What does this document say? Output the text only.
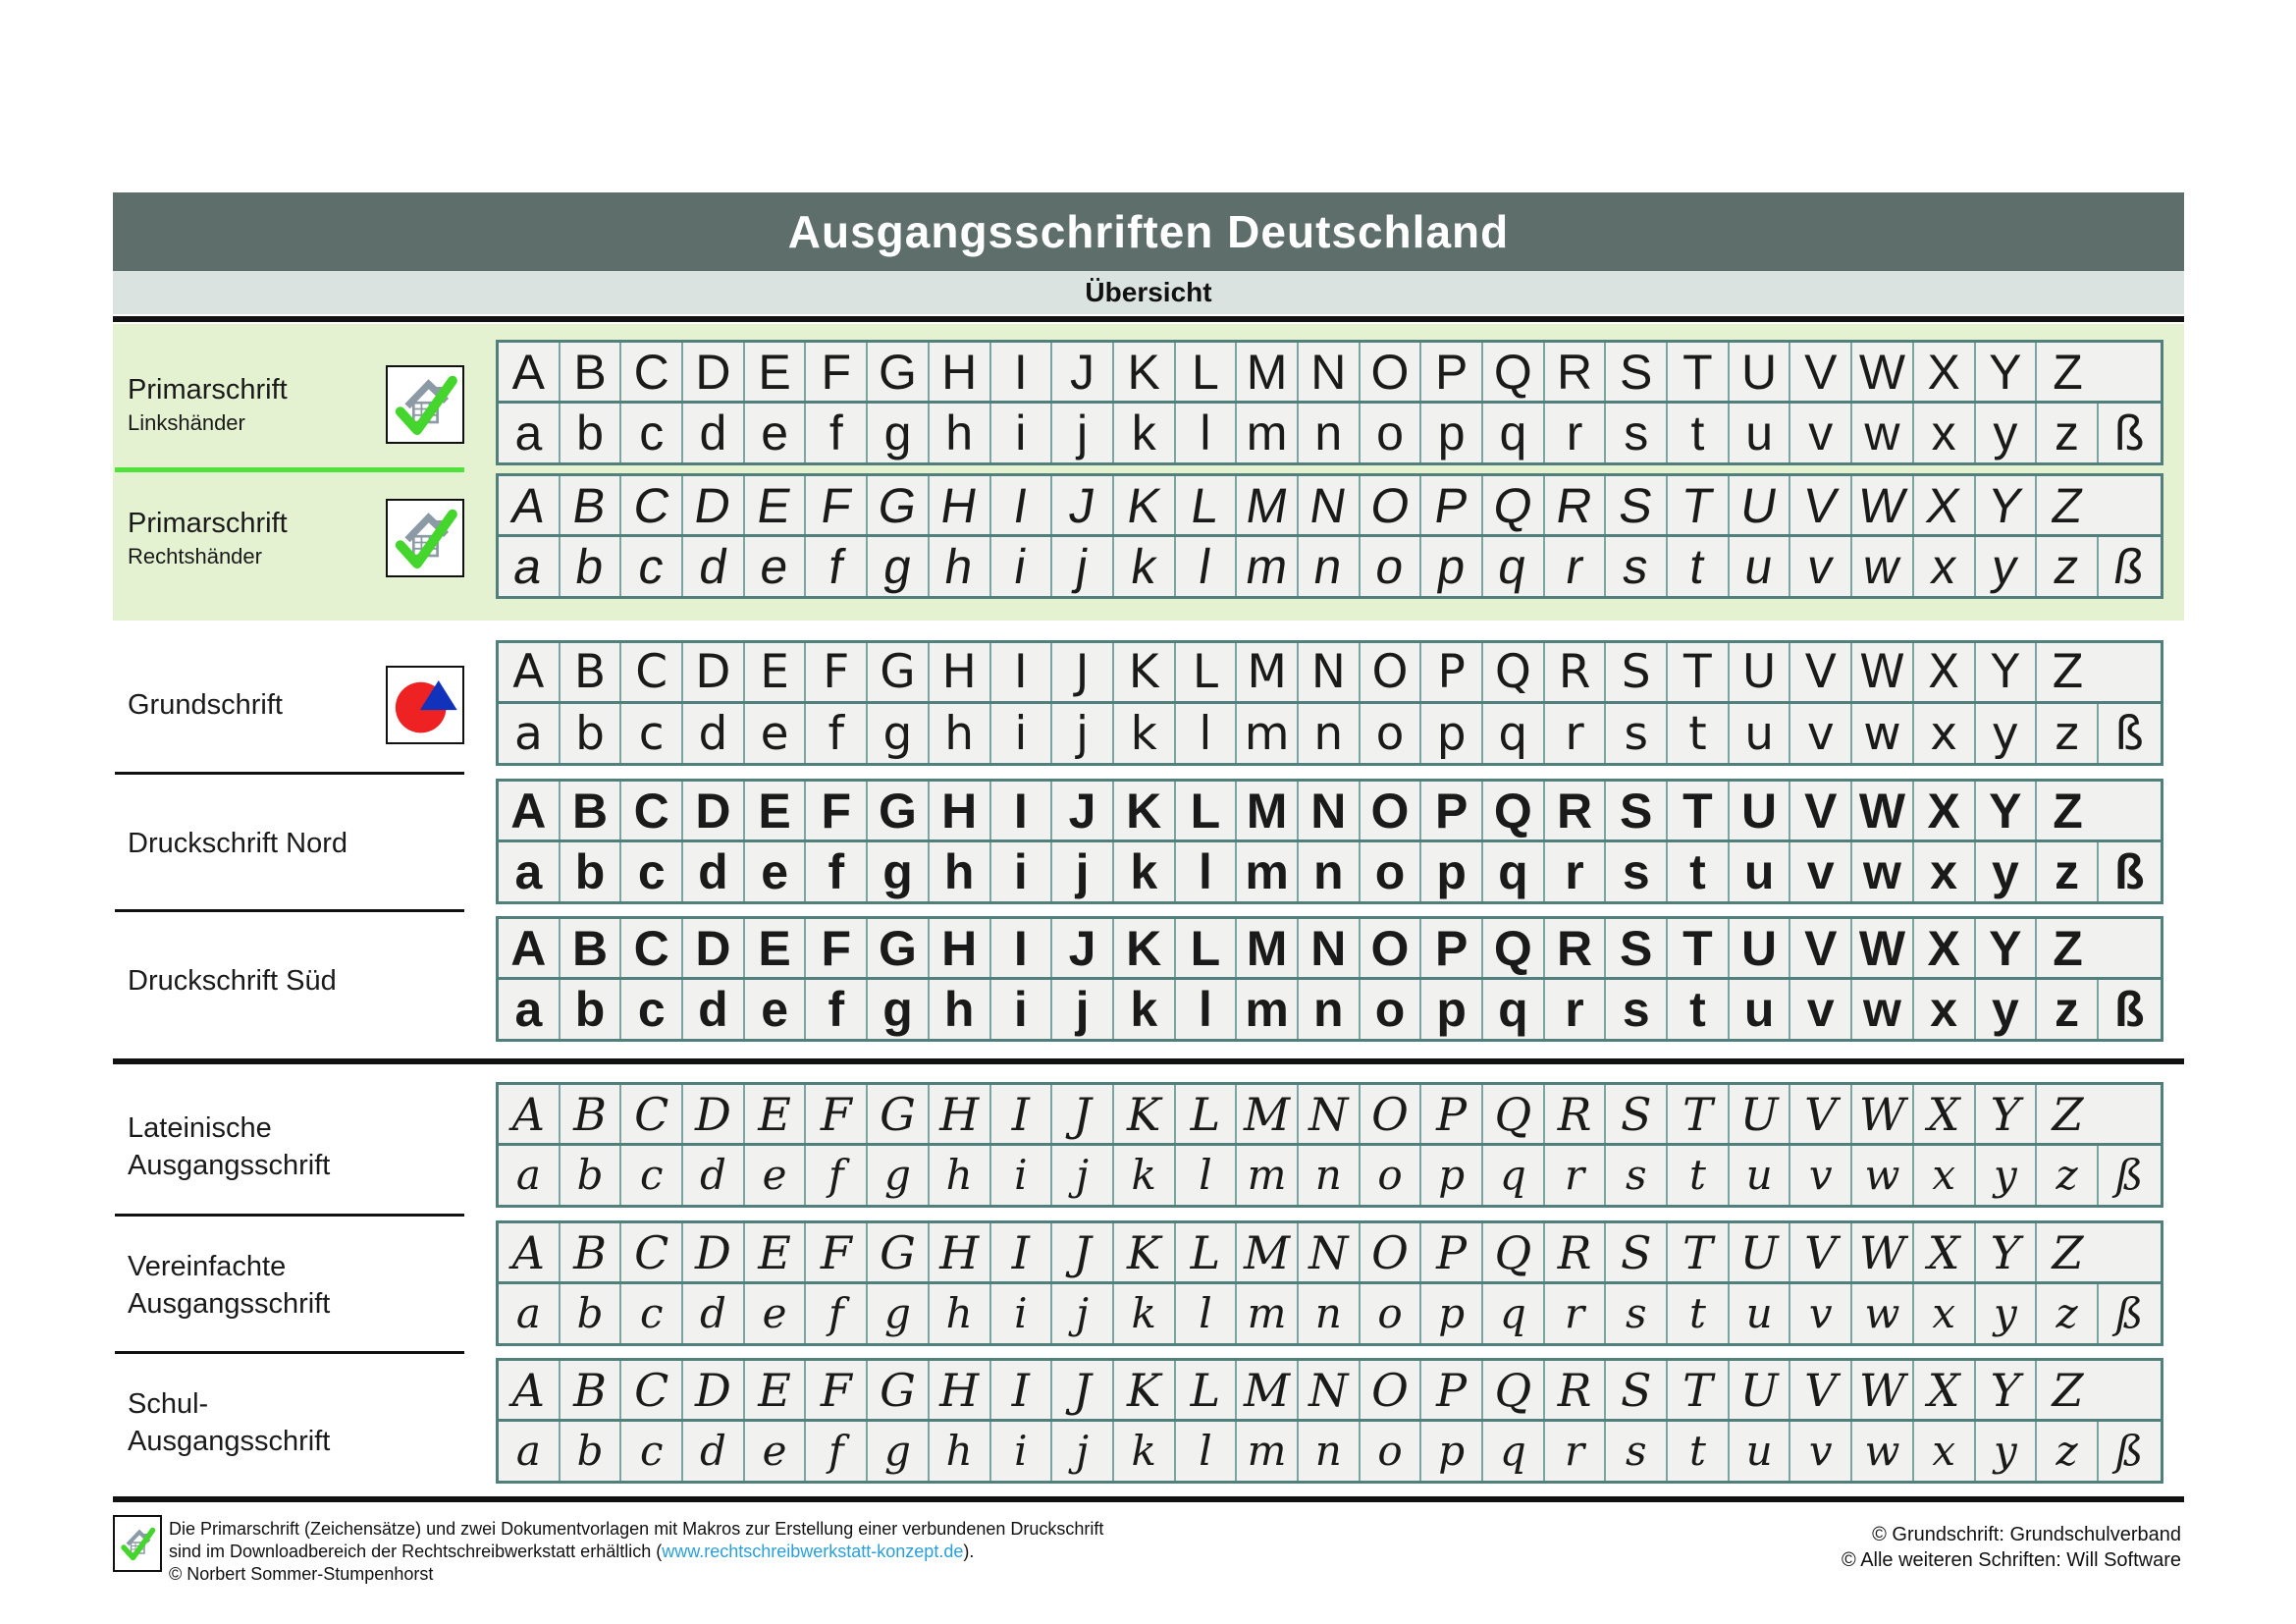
Ausgangsschriften Deutschland
Übersicht
Primarschrift
Linkshänder
A B C D E F G H I J K L M N O P Q R S T U V W X Y Z
a b c d e f g h i j k l m n o p q r s t u v w x y z ß
Primarschrift
Rechtshänder
A B C D E F G H I J K L M N O P Q R S T U V W X Y Z
a b c d e f g h i j k l m n o p q r s t u v w x y z ß
Grundschrift
A B C D E F G H I J K L M N O P Q R S T U V W X Y Z
a b c d e f g h i j k l m n o p q r s t u v w x y z ß
Druckschrift Nord
A B C D E F G H I J K L M N O P Q R S T U V W X Y Z
a b c d e f g h i j k l m n o p q r s t u v w x y z ß
Druckschrift Süd
A B C D E F G H I J K L M N O P Q R S T U V W X Y Z
a b c d e f g h i j k l m n o p q r s t u v w x y z ß
Lateinische
Ausgangsschrift
A B C D E F G H I J K L M N O P Q R S T U V W X Y Z
a b c d e f g h i j k l m n o p q r s t u v w x y z ß
Vereinfachte
Ausgangsschrift
A B C D E F G H I J K L M N O P Q R S T U V W X Y Z
a b c d e f g h i j k l m n o p q r s t u v w x y z ß
Schul-
Ausgangsschrift
A B C D E F G H I J K L M N O P Q R S T U V W X Y Z
a b c d e f g h i j k l m n o p q r s t u v w x y z ß
Die Primarschrift (Zeichensätze) und zwei Dokumentvorlagen mit Makros zur Erstellung einer verbundenen Druckschrift
sind im Downloadbereich der Rechtschreibwerkstatt erhältlich (www.rechtschreibwerkstatt-konzept.de).
© Norbert Sommer-Stumpenhorst
© Grundschrift: Grundschulverband
© Alle weiteren Schriften: Will Software
